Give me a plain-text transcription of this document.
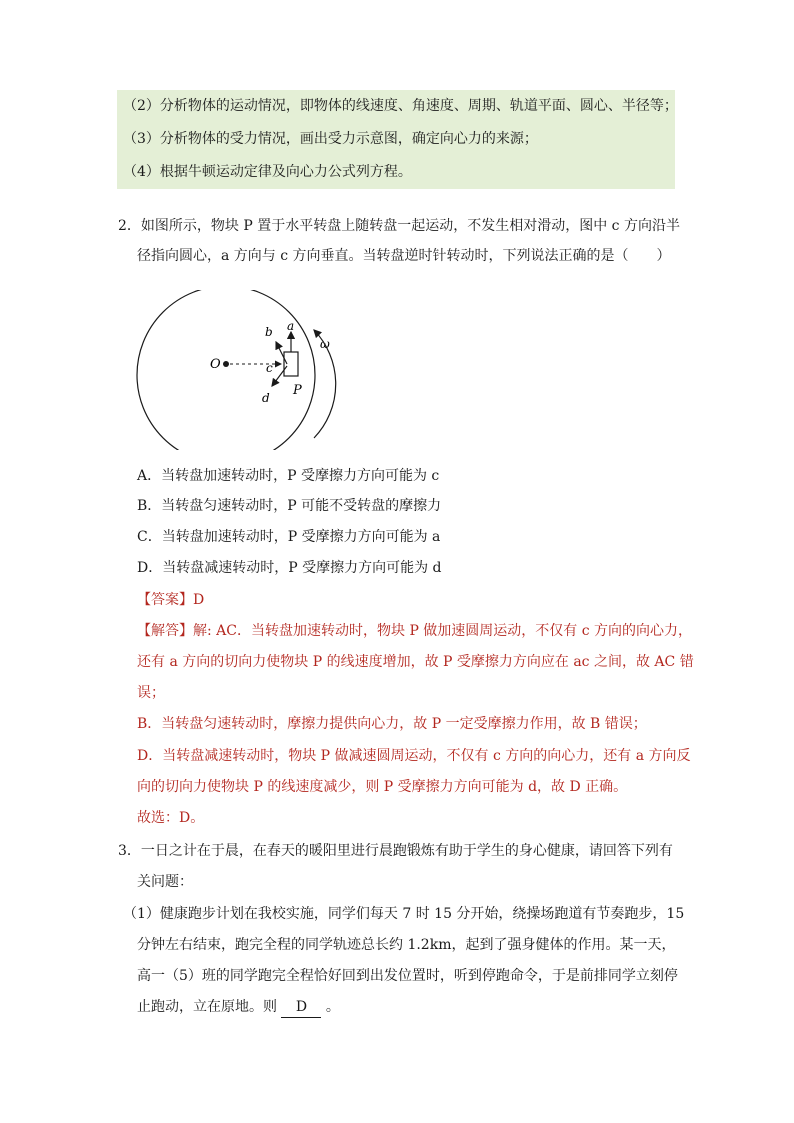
（2）分析物体的运动情况，即物体的线速度、角速度、周期、轨道平面、圆心、半径等；
（3）分析物体的受力情况，画出受力示意图，确定向心力的来源；
（4）根据牛顿运动定律及向心力公式列方程。
2．如图所示，物块 P 置于水平转盘上随转盘一起运动，不发生相对滑动，图中 c 方向沿半
径指向圆心，a 方向与 c 方向垂直。当转盘逆时针转动时，下列说法正确的是（　　）
O
P
a
b
c
d
ω
A．当转盘加速转动时，P 受摩擦力方向可能为 c
B．当转盘匀速转动时，P 可能不受转盘的摩擦力
C．当转盘加速转动时，P 受摩擦力方向可能为 a
D．当转盘减速转动时，P 受摩擦力方向可能为 d
【答案】D
【解答】解: AC．当转盘加速转动时，物块 P 做加速圆周运动，不仅有 c 方向的向心力，
还有 a 方向的切向力使物块 P 的线速度增加，故 P 受摩擦力方向应在 ac 之间，故 AC 错
误；
B．当转盘匀速转动时，摩擦力提供向心力，故 P 一定受摩擦力作用，故 B 错误；
D．当转盘减速转动时，物块 P 做减速圆周运动，不仅有 c 方向的向心力，还有 a 方向反
向的切向力使物块 P 的线速度减少，则 P 受摩擦力方向可能为 d，故 D 正确。
故选：D。
3．一日之计在于晨，在春天的暖阳里进行晨跑锻炼有助于学生的身心健康，请回答下列有
关问题：
（1）健康跑步计划在我校实施，同学们每天 7 时 15 分开始，绕操场跑道有节奏跑步，15
分钟左右结束，跑完全程的同学轨迹总长约 1.2km，起到了强身健体的作用。某一天，
高一（5）班的同学跑完全程恰好回到出发位置时，听到停跑命令，于是前排同学立刻停
止跑动，立在原地。则 D 。
